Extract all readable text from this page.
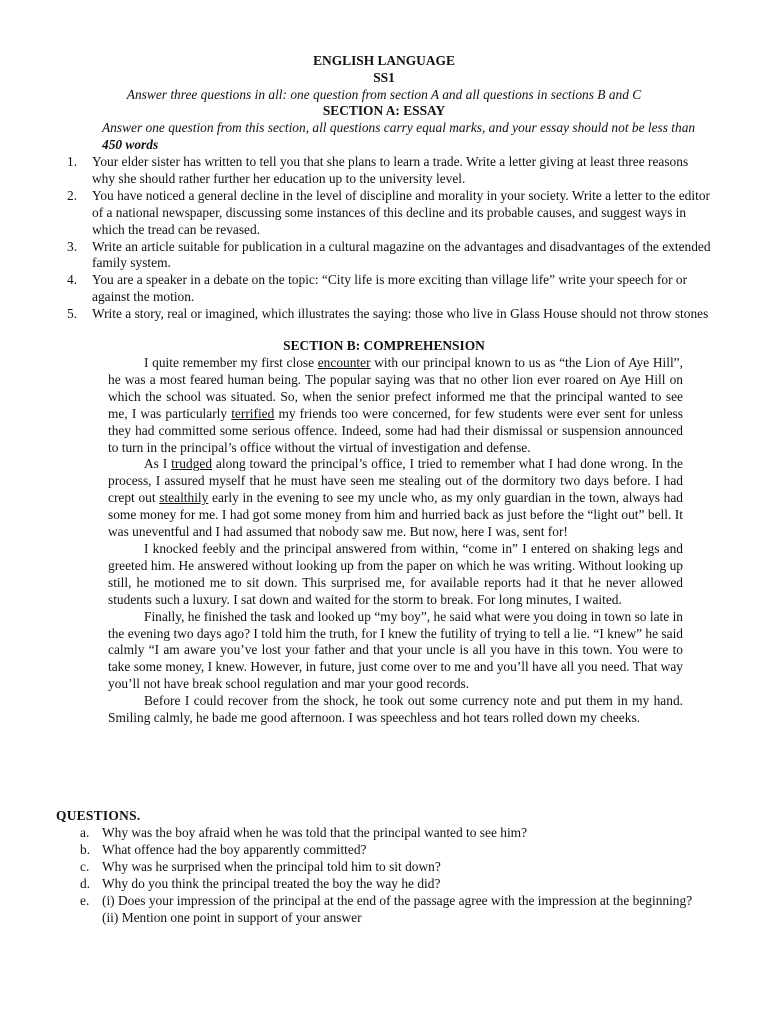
ENGLISH LANGUAGE
SS1
Answer three questions in all: one question from section A and all questions in sections B and C
SECTION A: ESSAY
Answer one question from this section, all questions carry equal marks, and your essay should not be less than 450 words
1. Your elder sister has written to tell you that she plans to learn a trade. Write a letter giving at least three reasons why she should rather further her education up to the university level.
2. You have noticed a general decline in the level of discipline and morality in your society. Write a letter to the editor of a national newspaper, discussing some instances of this decline and its probable causes, and suggest ways in which the tread can be revased.
3. Write an article suitable for publication in a cultural magazine on the advantages and disadvantages of the extended family system.
4. You are a speaker in a debate on the topic: “City life is more exciting than village life” write your speech for or against the motion.
5. Write a story, real or imagined, which illustrates the saying: those who live in Glass House should not throw stones
SECTION B: COMPREHENSION

I quite remember my first close encounter with our principal known to us as “the Lion of Aye Hill”, he was a most feared human being. The popular saying was that no other lion ever roared on Aye Hill on which the school was situated. So, when the senior prefect informed me that the principal wanted to see me, I was particularly terrified my friends too were concerned, for few students were ever sent for unless they had committed some serious offence. Indeed, some had had their dismissal or suspension announced to turn in the principal’s office without the virtual of investigation and defense.

As I trudged along toward the principal’s office, I tried to remember what I had done wrong. In the process, I assured myself that he must have seen me stealing out of the dormitory two days before. I had crept out stealthily early in the evening to see my uncle who, as my only guardian in the town, always had some money for me. I had got some money from him and hurried back as just before the “light out” bell. It was uneventful and I had assumed that nobody saw me. But now, here I was, sent for!

I knocked feebly and the principal answered from within, “come in” I entered on shaking legs and greeted him. He answered without looking up from the paper on which he was writing. Without looking up still, he motioned me to sit down. This surprised me, for available reports had it that he never allowed students such a luxury. I sat down and waited for the storm to break. For long minutes, I waited.

Finally, he finished the task and looked up “my boy”, he said what were you doing in town so late in the evening two days ago? I told him the truth, for I knew the futility of trying to tell a lie. “I knew” he said calmly “I am aware you’ve lost your father and that your uncle is all you have in this town. You were to take some money, I knew. However, in future, just come over to me and you’ll have all you need. That way you’ll not have break school regulation and mar your good records.

Before I could recover from the shock, he took out some currency note and put them in my hand. Smiling calmly, he bade me good afternoon. I was speechless and hot tears rolled down my cheeks.

QUESTIONS.
a. Why was the boy afraid when he was told that the principal wanted to see him?
b. What offence had the boy apparently committed?
c. Why was he surprised when the principal told him to sit down?
d. Why do you think the principal treated the boy the way he did?
e. (i) Does your impression of the principal at the end of the passage agree with the impression at the beginning?
(ii) Mention one point in support of your answer
